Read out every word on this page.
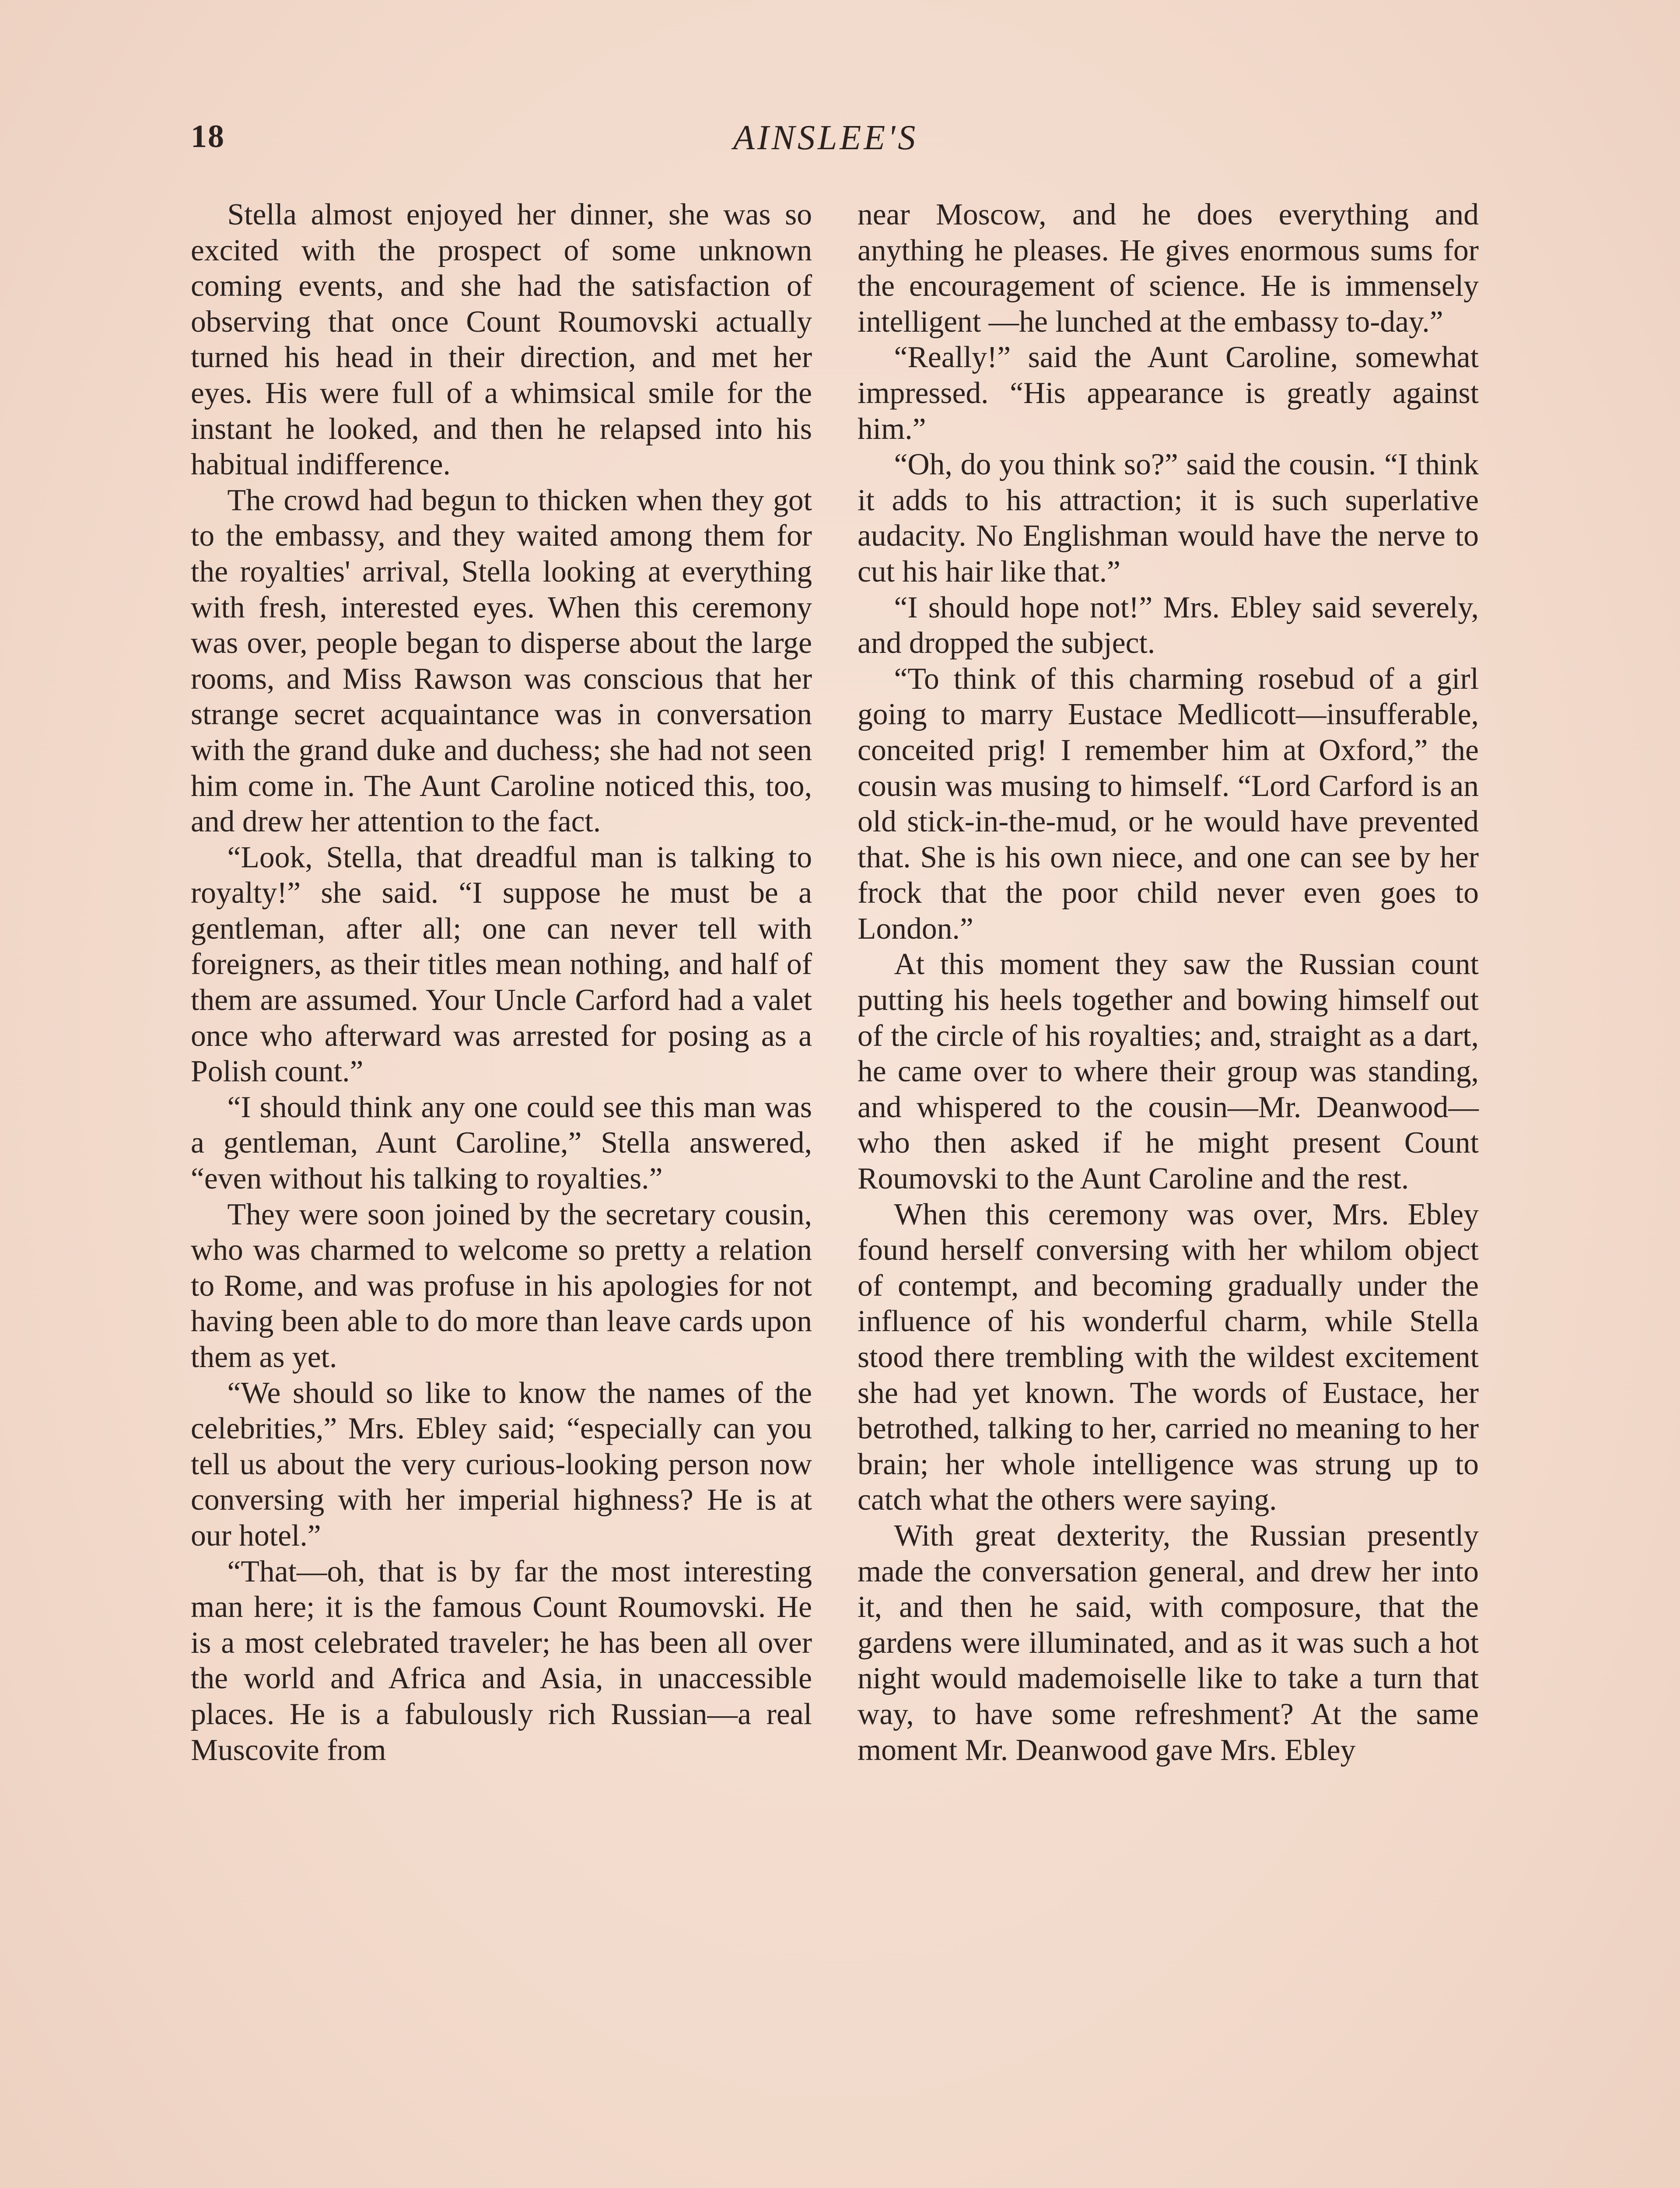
18	AINSLEE'S

Stella almost enjoyed her dinner, she was so excited with the prospect of some unknown coming events, and she had the satisfaction of observing that once Count Roumovski actually turned his head in their direction, and met her eyes. His were full of a whimsical smile for the instant he looked, and then he relapsed into his habitual indifference.

The crowd had begun to thicken when they got to the embassy, and they waited among them for the royalties' arrival, Stella looking at everything with fresh, interested eyes. When this ceremony was over, people began to disperse about the large rooms, and Miss Rawson was conscious that her strange secret acquaintance was in conversation with the grand duke and duchess; she had not seen him come in. The Aunt Caroline noticed this, too, and drew her attention to the fact.

“Look, Stella, that dreadful man is talking to royalty!” she said. “I suppose he must be a gentleman, after all; one can never tell with foreigners, as their titles mean nothing, and half of them are assumed. Your Uncle Carford had a valet once who afterward was arrested for posing as a Polish count.”

“I should think any one could see this man was a gentleman, Aunt Caroline,” Stella answered, “even without his talking to royalties.”

They were soon joined by the secretary cousin, who was charmed to welcome so pretty a relation to Rome, and was profuse in his apologies for not having been able to do more than leave cards upon them as yet.

“We should so like to know the names of the celebrities,” Mrs. Ebley said; “especially can you tell us about the very curious-looking person now conversing with her imperial highness? He is at our hotel.”

“That—oh, that is by far the most interesting man here; it is the famous Count Roumovski. He is a most celebrated traveler; he has been all over the world and Africa and Asia, in unaccessible places. He is a fabulously rich Russian—a real Muscovite from

near Moscow, and he does everything and anything he pleases. He gives enormous sums for the encouragement of science. He is immensely intelligent —he lunched at the embassy to-day.”

“Really!” said the Aunt Caroline, somewhat impressed. “His appearance is greatly against him.”

“Oh, do you think so?” said the cousin. “I think it adds to his attraction; it is such superlative audacity. No Englishman would have the nerve to cut his hair like that.”

“I should hope not!” Mrs. Ebley said severely, and dropped the subject.

“To think of this charming rosebud of a girl going to marry Eustace Medlicott—insufferable, conceited prig! I remember him at Oxford,” the cousin was musing to himself. “Lord Carford is an old stick-in-the-mud, or he would have prevented that. She is his own niece, and one can see by her frock that the poor child never even goes to London.”

At this moment they saw the Russian count putting his heels together and bowing himself out of the circle of his royalties; and, straight as a dart, he came over to where their group was standing, and whispered to the cousin—Mr. Deanwood—who then asked if he might present Count Roumovski to the Aunt Caroline and the rest.

When this ceremony was over, Mrs. Ebley found herself conversing with her whilom object of contempt, and becoming gradually under the influence of his wonderful charm, while Stella stood there trembling with the wildest excitement she had yet known. The words of Eustace, her betrothed, talking to her, carried no meaning to her brain; her whole intelligence was strung up to catch what the others were saying.

With great dexterity, the Russian presently made the conversation general, and drew her into it, and then he said, with composure, that the gardens were illuminated, and as it was such a hot night would mademoiselle like to take a turn that way, to have some refreshment? At the same moment Mr. Deanwood gave Mrs. Ebley
